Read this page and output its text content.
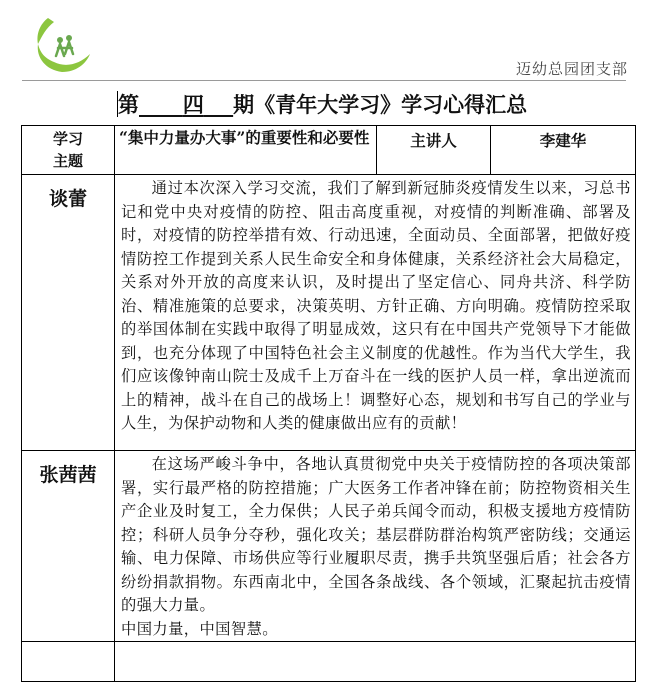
迈幼总园团支部
第 四 期《青年大学习》学习心得汇总
学习主题	“集中力量办大事”的重要性和必要性	主讲人	李建华
谈蕾	通过本次深入学习交流，我们了解到新冠肺炎疫情发生以来，习总书记和党中央对疫情的防控、阻击高度重视，对疫情的判断准确、部署及时，对疫情的防控举措有效、行动迅速，全面动员、全面部署，把做好疫情防控工作提到关系人民生命安全和身体健康，关系经济社会大局稳定，关系对外开放的高度来认识，及时提出了坚定信心、同舟共济、科学防治、精准施策的总要求，决策英明、方针正确、方向明确。疫情防控采取的举国体制在实践中取得了明显成效，这只有在中国共产党领导下才能做到，也充分体现了中国特色社会主义制度的优越性。作为当代大学生，我们应该像钟南山院士及成千上万奋斗在一线的医护人员一样，拿出逆流而上的精神，战斗在自己的战场上！调整好心态，规划和书写自己的学业与人生，为保护动物和人类的健康做出应有的贡献！		

张茜茜	在这场严峻斗争中，各地认真贯彻党中央关于疫情防控的各项决策部署，实行最严格的防控措施；广大医务工作者冲锋在前；防控物资相关生产企业及时复工，全力保供；人民子弟兵闻令而动，积极支援地方疫情防控；科研人员争分夺秒，强化攻关；基层群防群治构筑严密防线；交通运输、电力保障、市场供应等行业履职尽责，携手共筑坚强后盾；社会各方纷纷捐款捐物。东西南北中，全国各条战线、各个领域，汇聚起抗击疫情的强大力量。

中国力量，中国智慧。		
